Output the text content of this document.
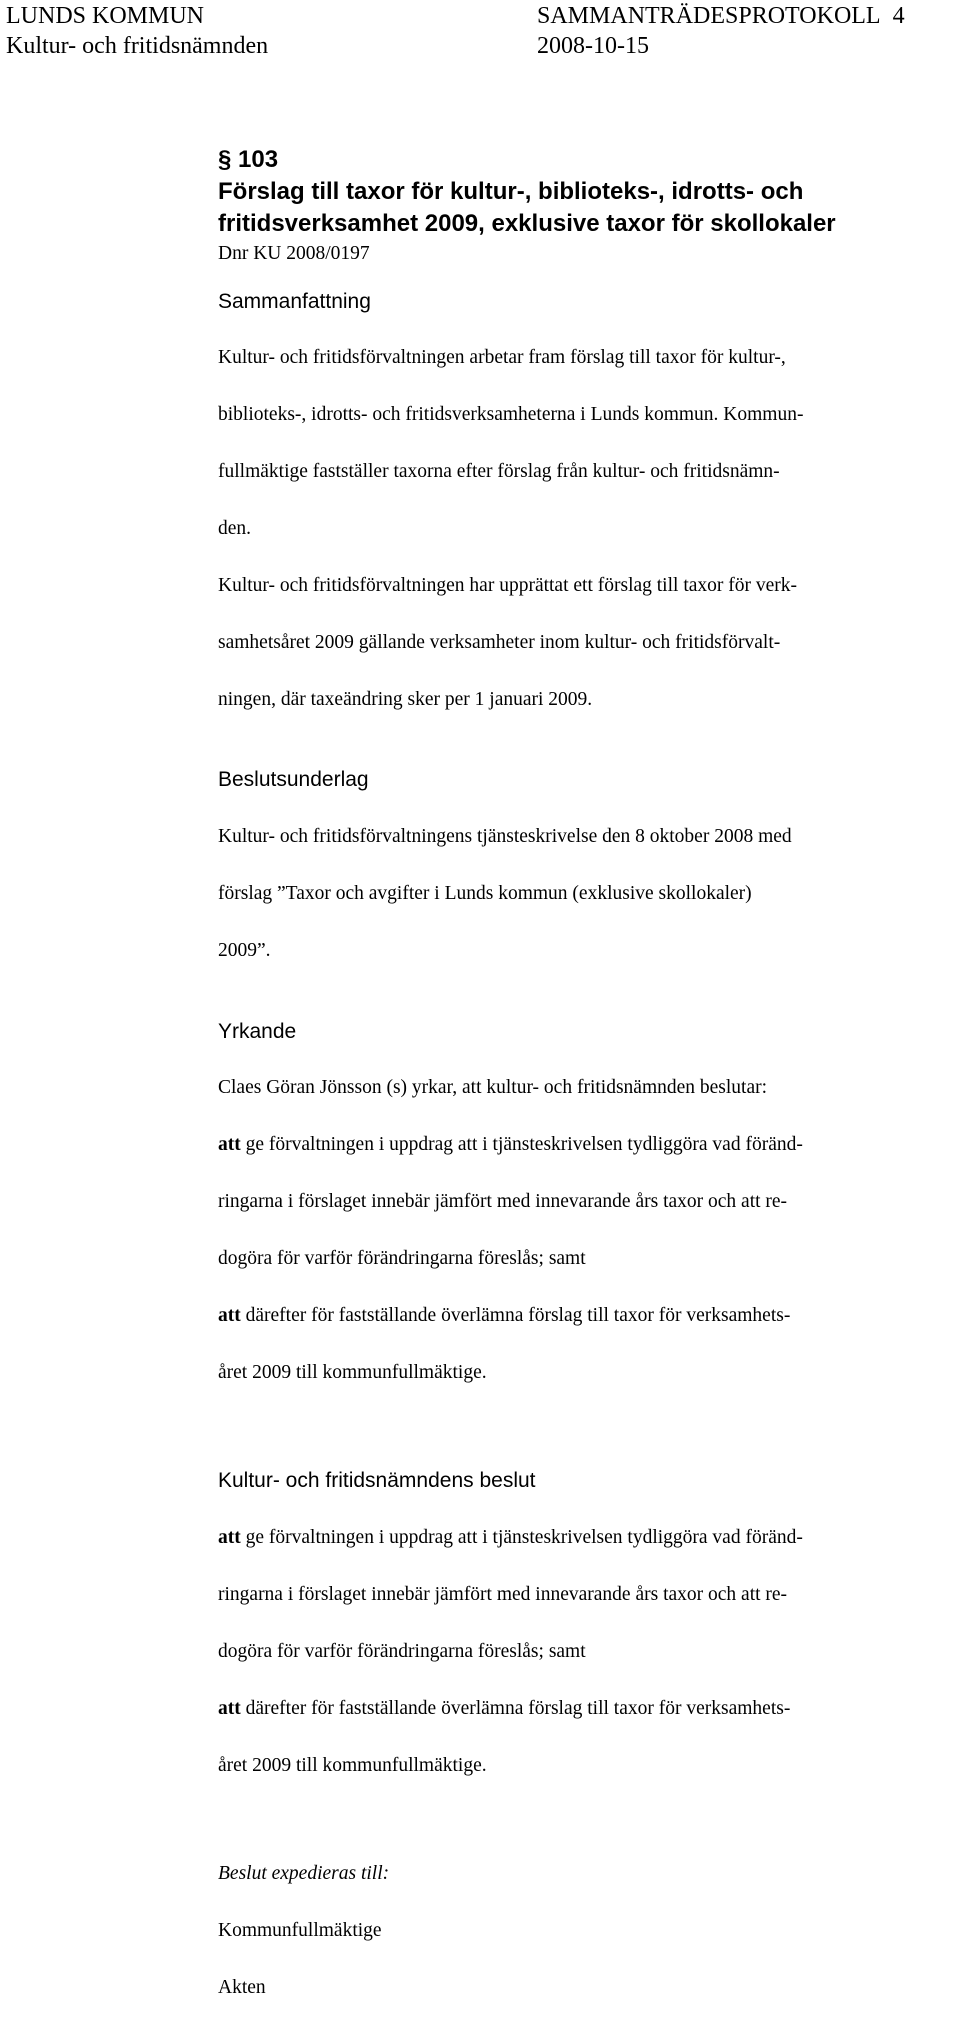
LUNDS KOMMUN
Kultur- och fritidsnämnden
SAMMANTRÄDESPROTOKOLL 4
2008-10-15
§ 103
Förslag till taxor för kultur-, biblioteks-, idrotts- och
fritidsverksamhet 2009, exklusive taxor för skollokaler
Dnr KU 2008/0197
Sammanfattning

Kultur- och fritidsförvaltningen arbetar fram förslag till taxor för kultur-,

biblioteks-, idrotts- och fritidsverksamheterna i Lunds kommun. Kommun-

fullmäktige fastställer taxorna efter förslag från kultur- och fritidsnämn-

den.

Kultur- och fritidsförvaltningen har upprättat ett förslag till taxor för verk-

samhetsåret 2009 gällande verksamheter inom kultur- och fritidsförvalt-

ningen, där taxeändring sker per 1 januari 2009.

Beslutsunderlag

Kultur- och fritidsförvaltningens tjänsteskrivelse den 8 oktober 2008 med

förslag ”Taxor och avgifter i Lunds kommun (exklusive skollokaler)

2009”.

Yrkande

Claes Göran Jönsson (s) yrkar, att kultur- och fritidsnämnden beslutar:

att ge förvaltningen i uppdrag att i tjänsteskrivelsen tydliggöra vad föränd-

ringarna i förslaget innebär jämfört med innevarande års taxor och att re-

dogöra för varför förändringarna föreslås; samt

att därefter för fastställande överlämna förslag till taxor för verksamhets-

året 2009 till kommunfullmäktige.

Kultur- och fritidsnämndens beslut

att ge förvaltningen i uppdrag att i tjänsteskrivelsen tydliggöra vad föränd-

ringarna i förslaget innebär jämfört med innevarande års taxor och att re-

dogöra för varför förändringarna föreslås; samt

att därefter för fastställande överlämna förslag till taxor för verksamhets-

året 2009 till kommunfullmäktige.

Beslut expedieras till:

Kommunfullmäktige

Akten
